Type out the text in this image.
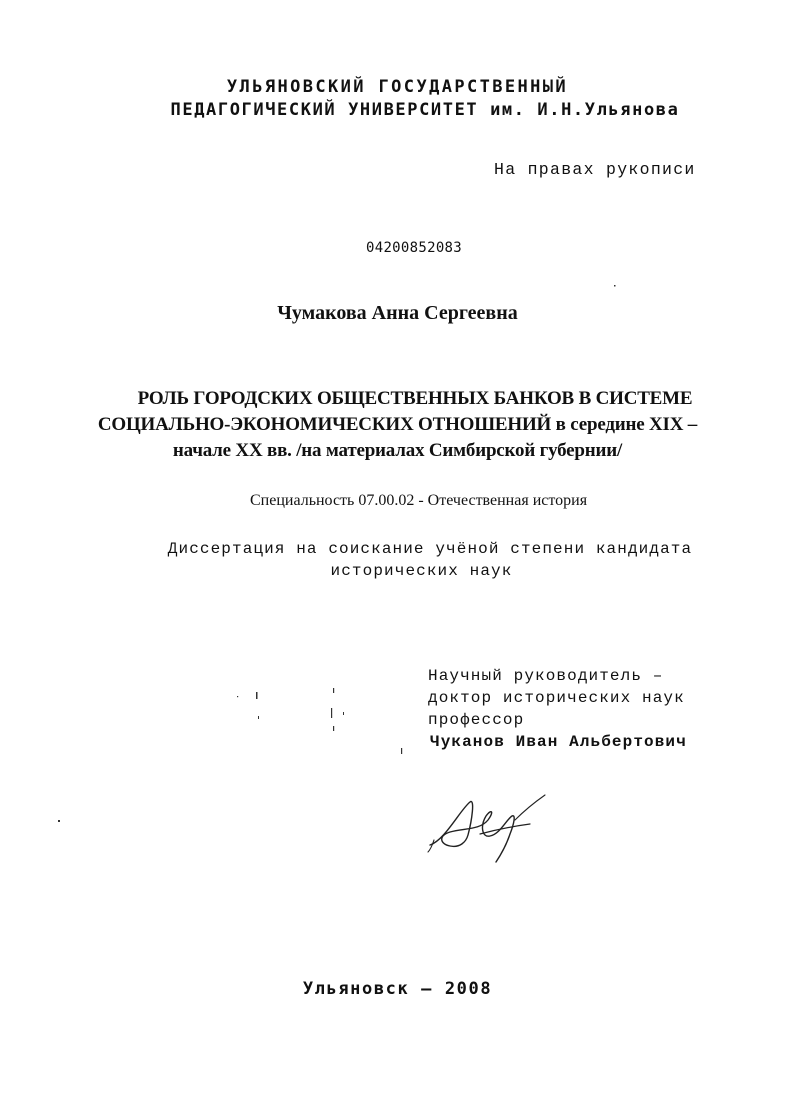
УЛЬЯНОВСКИЙ ГОСУДАРСТВЕННЫЙ

ПЕДАГОГИЧЕСКИЙ УНИВЕРСИТЕТ им. И.Н.Ульянова
На правах рукописи
04200852083
Чумакова Анна Сергеевна
РОЛЬ ГОРОДСКИХ ОБЩЕСТВЕННЫХ БАНКОВ В СИСТЕМЕ
СОЦИАЛЬНО-ЭКОНОМИЧЕСКИХ ОТНОШЕНИЙ в середине XIX –
начале XX вв. /на материалах Симбирской губернии/
Специальность 07.00.02 - Отечественная история
Диссертация на соискание учёной степени кандидата
исторических наук
Научный руководитель –
доктор исторических наук
профессор
Чуканов Иван Альбертович
Ульяновск – 2008
